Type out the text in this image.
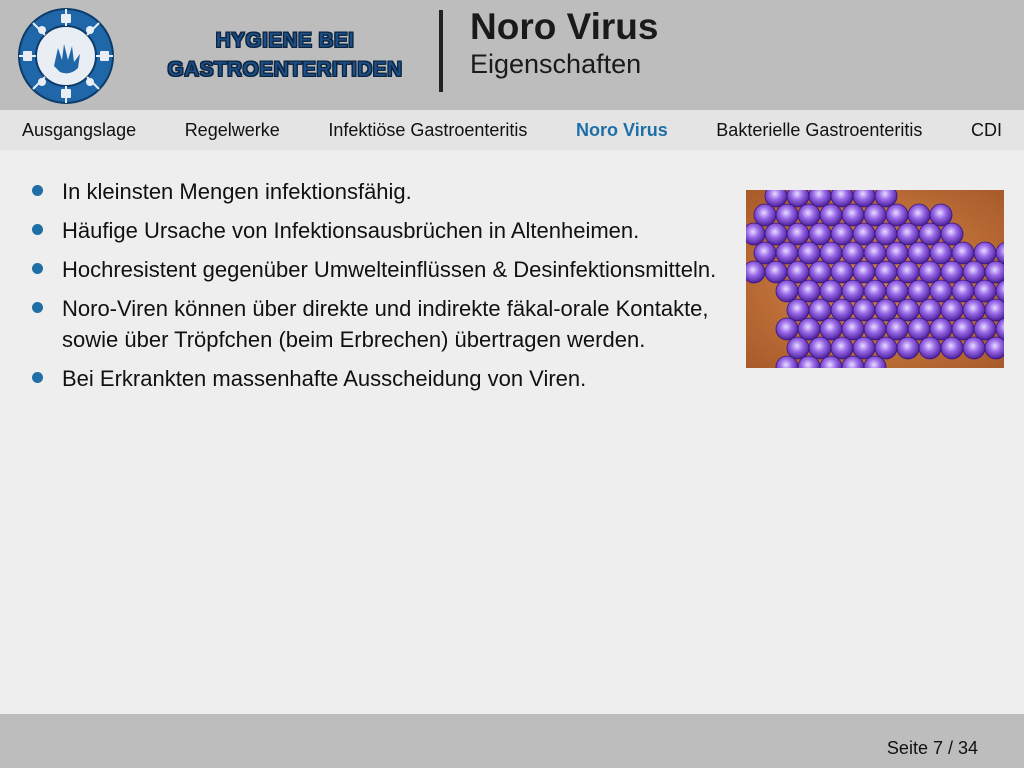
HYGIENE BEI
GASTROENTERITIDEN
Noro Virus
Eigenschaften
Ausgangslage	Regelwerke	Infektiöse Gastroenteritis	Noro Virus	Bakterielle Gastroenteritis	CDI
In kleinsten Mengen infektionsfähig.
Häufige Ursache von Infektionsausbrüchen in Altenheimen.
Hochresistent gegenüber Umwelteinflüssen & Desinfektionsmitteln.
Noro-Viren können über direkte und indirekte fäkal-orale Kontakte, sowie über Tröpfchen (beim Erbrechen) übertragen werden.
Bei Erkrankten massenhafte Ausscheidung von Viren.
Seite 7 / 34
